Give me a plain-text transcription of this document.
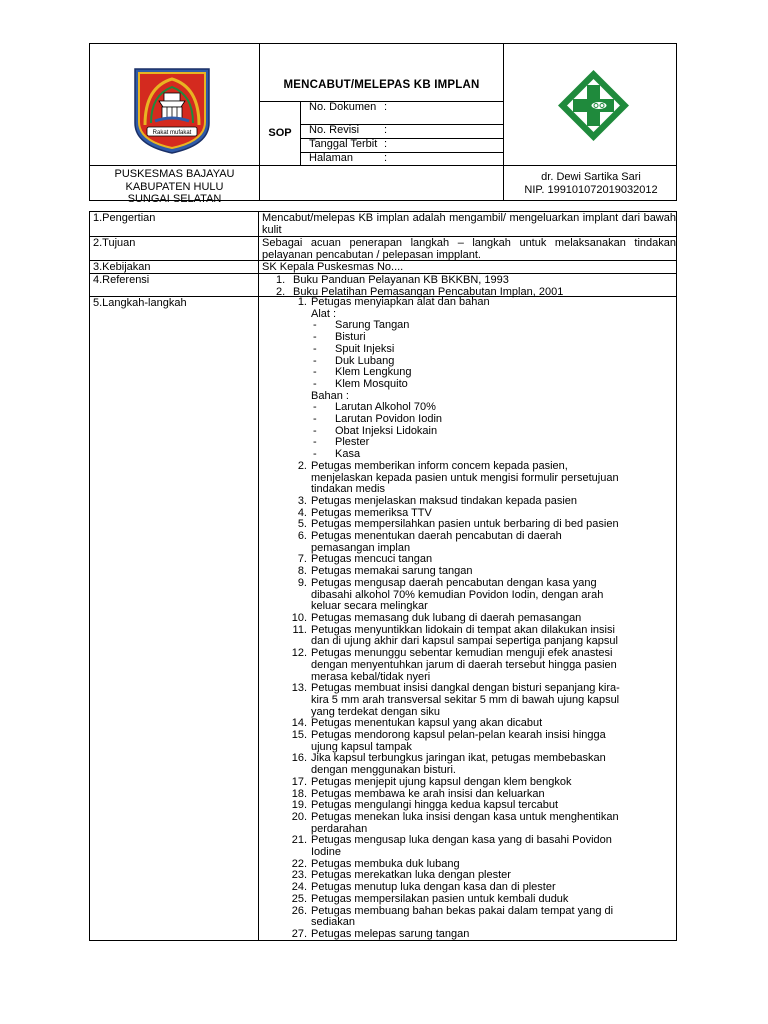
Rakat mufakat
MENCABUT/MELEPAS KB IMPLAN
SOP
No. Dokumen :
No. Revisi :
Tanggal Terbit :
Halaman	:
PUSKESMAS BAJAYAU
KABUPATEN HULU
SUNGAI SELATAN
dr. Dewi Sartika Sari
NIP. 199101072019032012
1.Pengertian	Mencabut/melepas KB implan adalah mengambil/ mengeluarkan implant dari bawah kulit
2.Tujuan	Sebagai acuan penerapan langkah – langkah untuk melaksanakan tindakan pelayanan pencabutan / pelepasan impplant.
3.Kebijakan	SK Kepala Puskesmas No....
4.Referensi	1. Buku Panduan Pelayanan KB BKKBN, 1993
2. Buku Pelatihan Pemasangan Pencabutan Implan, 2001
5.Langkah-langkah	1. Petugas menyiapkan alat dan bahan
Alat :
- Sarung Tangan
- Bisturi
- Spuit Injeksi
- Duk Lubang
- Klem Lengkung
- Klem Mosquito
Bahan :
- Larutan Alkohol 70%
- Larutan Povidon Iodin
- Obat Injeksi Lidokain
- Plester
- Kasa
2. Petugas memberikan inform concem kepada pasien,
menjelaskan kepada pasien untuk mengisi formulir persetujuan
tindakan medis
3. Petugas menjelaskan maksud tindakan kepada pasien
4. Petugas memeriksa TTV
5. Petugas mempersilahkan pasien untuk berbaring di bed pasien
6. Petugas menentukan daerah pencabutan di daerah
pemasangan implan
7. Petugas mencuci tangan
8. Petugas memakai sarung tangan
9. Petugas mengusap daerah pencabutan dengan kasa yang
dibasahi alkohol 70% kemudian Povidon Iodin, dengan arah
keluar secara melingkar
10. Petugas memasang duk lubang di daerah pemasangan
11. Petugas menyuntikkan lidokain di tempat akan dilakukan insisi
dan di ujung akhir dari kapsul sampai sepertiga panjang kapsul
12. Petugas menunggu sebentar kemudian menguji efek anastesi
dengan menyentuhkan jarum di daerah tersebut hingga pasien
merasa kebal/tidak nyeri
13. Petugas membuat insisi dangkal dengan bisturi sepanjang kira-
kira 5 mm arah transversal sekitar 5 mm di bawah ujung kapsul
yang terdekat dengan siku
14. Petugas menentukan kapsul yang akan dicabut
15. Petugas mendorong kapsul pelan-pelan kearah insisi hingga
ujung kapsul tampak
16. Jika kapsul terbungkus jaringan ikat, petugas membebaskan
dengan menggunakan bisturi.
17. Petugas menjepit ujung kapsul dengan klem bengkok
18. Petugas membawa ke arah insisi dan keluarkan
19. Petugas mengulangi hingga kedua kapsul tercabut
20. Petugas menekan luka insisi dengan kasa untuk menghentikan
perdarahan
21. Petugas mengusap luka dengan kasa yang di basahi Povidon
Iodine
22. Petugas membuka duk lubang
23. Petugas merekatkan luka dengan plester
24. Petugas menutup luka dengan kasa dan di plester
25. Petugas mempersilakan pasien untuk kembali duduk
26. Petugas membuang bahan bekas pakai dalam tempat yang di
sediakan
27. Petugas melepas sarung tangan
